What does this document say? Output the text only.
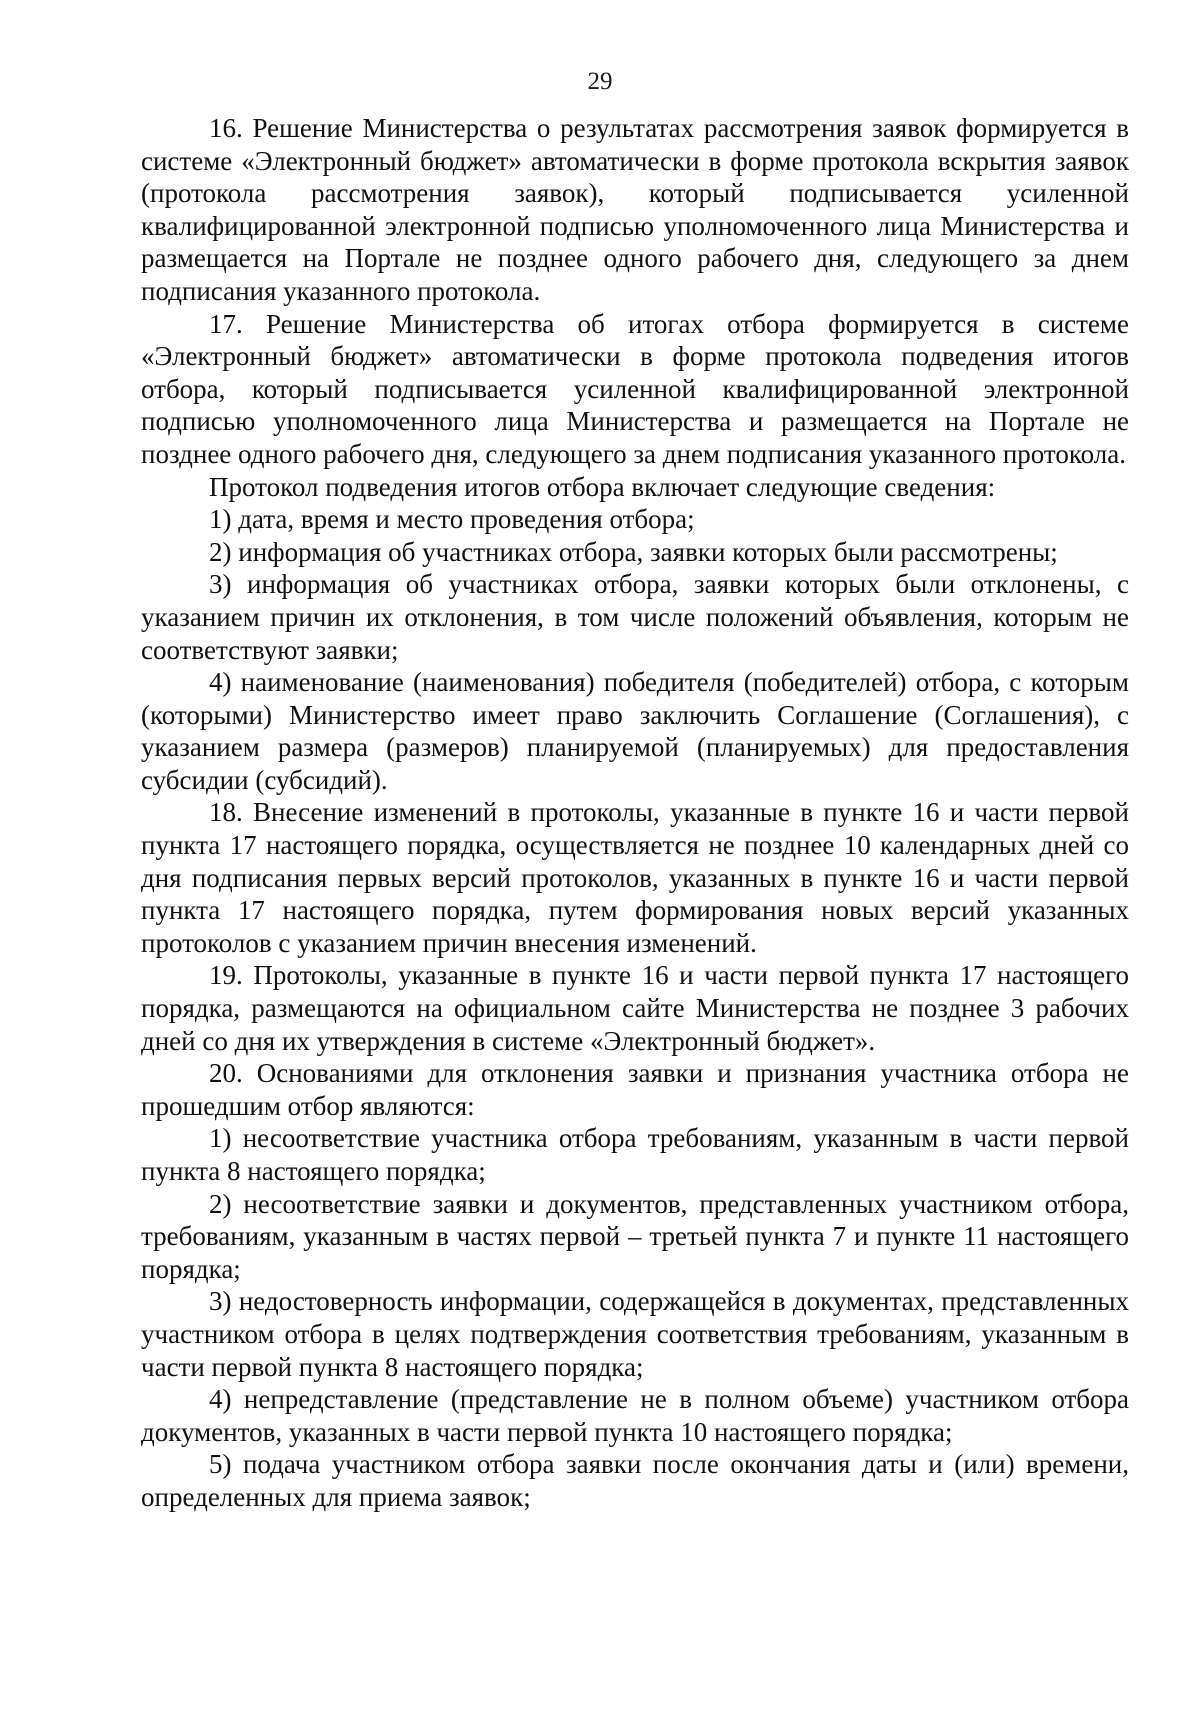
29

16. Решение Министерства о результатах рассмотрения заявок формируется в системе «Электронный бюджет» автоматически в форме протокола вскрытия заявок (протокола рассмотрения заявок), который подписывается усиленной квалифицированной электронной подписью уполномоченного лица Министерства и размещается на Портале не позднее одного рабочего дня, следующего за днем подписания указанного протокола.

17. Решение Министерства об итогах отбора формируется в системе «Электронный бюджет» автоматически в форме протокола подведения итогов отбора, который подписывается усиленной квалифицированной электронной подписью уполномоченного лица Министерства и размещается на Портале не позднее одного рабочего дня, следующего за днем подписания указанного протокола.

Протокол подведения итогов отбора включает следующие сведения:

1) дата, время и место проведения отбора;

2) информация об участниках отбора, заявки которых были рассмотрены;

3) информация об участниках отбора, заявки которых были отклонены, с указанием причин их отклонения, в том числе положений объявления, которым не соответствуют заявки;

4) наименование (наименования) победителя (победителей) отбора, с которым (которыми) Министерство имеет право заключить Соглашение (Соглашения), с указанием размера (размеров) планируемой (планируемых) для предоставления субсидии (субсидий).

18. Внесение изменений в протоколы, указанные в пункте 16 и части первой пункта 17 настоящего порядка, осуществляется не позднее 10 календарных дней со дня подписания первых версий протоколов, указанных в пункте 16 и части первой пункта 17 настоящего порядка, путем формирования новых версий указанных протоколов с указанием причин внесения изменений.

19. Протоколы, указанные в пункте 16 и части первой пункта 17 настоящего порядка, размещаются на официальном сайте Министерства не позднее 3 рабочих дней со дня их утверждения в системе «Электронный бюджет».

20. Основаниями для отклонения заявки и признания участника отбора не прошедшим отбор являются:

1) несоответствие участника отбора требованиям, указанным в части первой пункта 8 настоящего порядка;

2) несоответствие заявки и документов, представленных участником отбора, требованиям, указанным в частях первой – третьей пункта 7 и пункте 11 настоящего порядка;

3) недостоверность информации, содержащейся в документах, представленных участником отбора в целях подтверждения соответствия требованиям, указанным в части первой пункта 8 настоящего порядка;

4) непредставление (представление не в полном объеме) участником отбора документов, указанных в части первой пункта 10 настоящего порядка;

5) подача участником отбора заявки после окончания даты и (или) времени, определенных для приема заявок;
